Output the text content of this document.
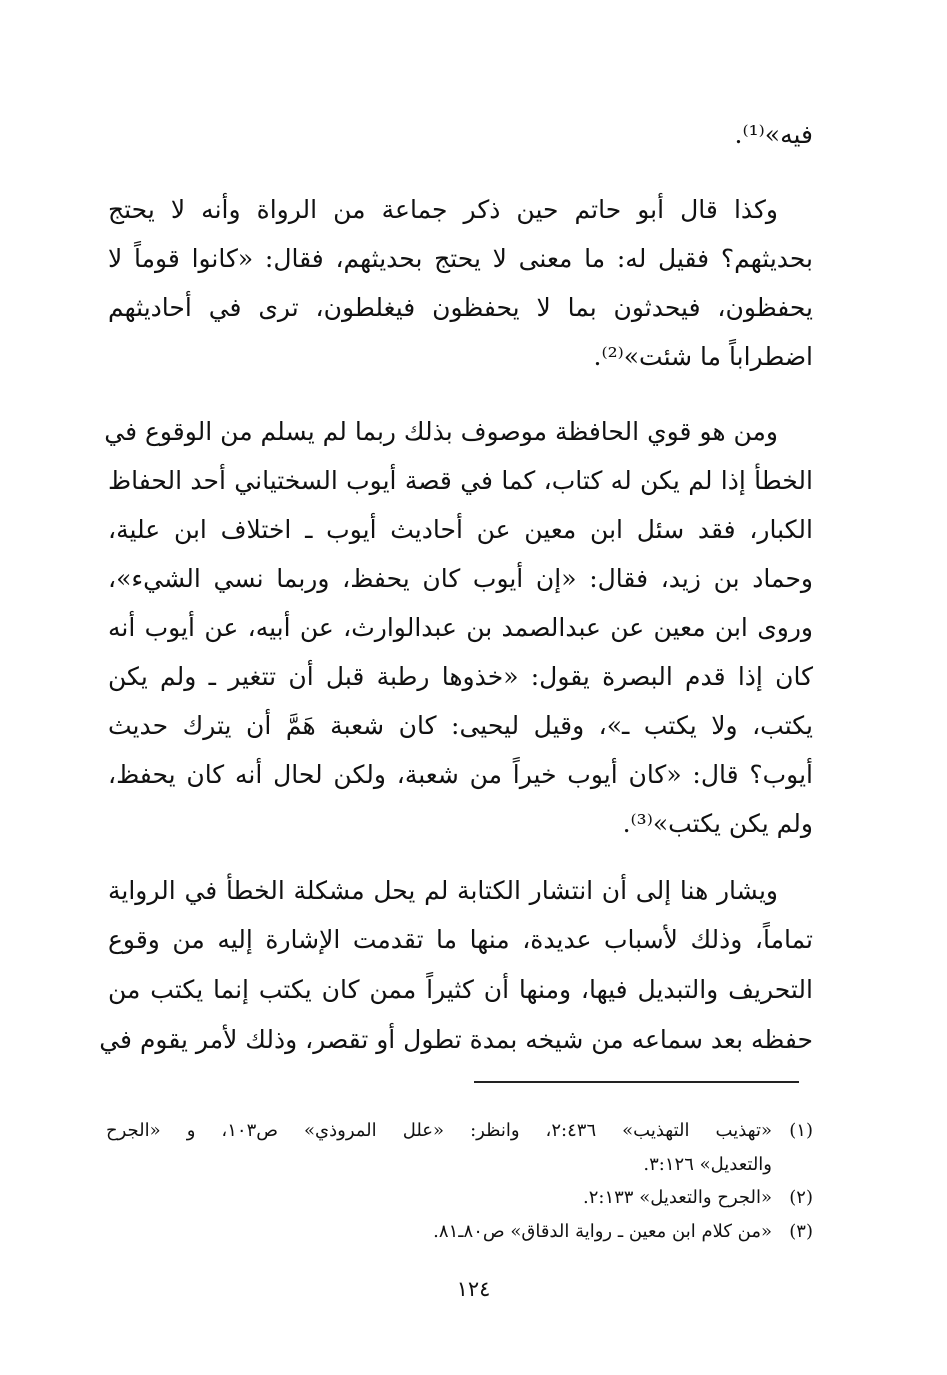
فيه»⁽¹⁾.
وكذا قال أبو حاتم حين ذكر جماعة من الرواة وأنه لا يحتج
بحديثهم؟ فقيل له: ما معنى لا يحتج بحديثهم، فقال: «كانوا قوماً لا
يحفظون، فيحدثون بما لا يحفظون فيغلطون، ترى في أحاديثهم
اضطراباً ما شئت»⁽²⁾.
ومن هو قوي الحافظة موصوف بذلك ربما لم يسلم من الوقوع في
الخطأ إذا لم يكن له كتاب، كما في قصة أيوب السختياني أحد الحفاظ
الكبار، فقد سئل ابن معين عن أحاديث أيوب ـ اختلاف ابن علية،
وحماد بن زيد، فقال: «إن أيوب كان يحفظ، وربما نسي الشيء»،
وروى ابن معين عن عبدالصمد بن عبدالوارث، عن أبيه، عن أيوب أنه
كان إذا قدم البصرة يقول: «خذوها رطبة قبل أن تتغير ـ ولم يكن
يكتب، ولا يكتب ـ»، وقيل ليحيى: كان شعبة هَمَّ أن يترك حديث
أيوب؟ قال: «كان أيوب خيراً من شعبة، ولكن لحال أنه كان يحفظ،
ولم يكن يكتب»⁽³⁾.
ويشار هنا إلى أن انتشار الكتابة لم يحل مشكلة الخطأ في الرواية
تماماً، وذلك لأسباب عديدة، منها ما تقدمت الإشارة إليه من وقوع
التحريف والتبديل فيها، ومنها أن كثيراً ممن كان يكتب إنما يكتب من
حفظه بعد سماعه من شيخه بمدة تطول أو تقصر، وذلك لأمر يقوم في
(١)
«تهذيب التهذيب» ٢:٤٣٦، وانظر: «علل المروذي» ص١٠٣، و «الجرح
والتعديل» ٣:١٢٦.
(٢)
«الجرح والتعديل» ٢:١٣٣.
(٣)
«من كلام ابن معين ـ رواية الدقاق» ص٨٠ـ٨١.
١٢٤
